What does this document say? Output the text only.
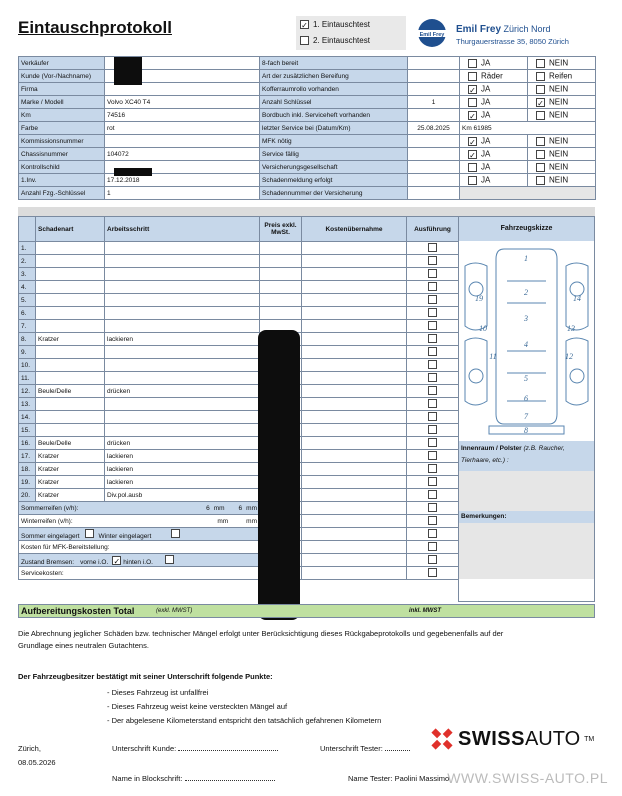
Eintauschprotokoll	✓ 1. Eintauschtest
2. Eintauschtest
Emil Frey Emil Frey Zürich Nord
Thurgauerstrasse 35, 8050 Zürich
Verkäufer		8-fach bereit		JA	NEIN
Kunde (Vor-/Nachname)		Art der zusätzlichen Bereifung		Räder	Reifen
Firma		Kofferraumrollo vorhanden		✓ JA	NEIN
Marke / Modell	Volvo XC40 T4	Anzahl Schlüssel	1	JA	✓ NEIN
Km	74516	Bordbuch inkl. Serviceheft vorhanden		✓ JA	NEIN
Farbe	rot	letzter Service bei (Datum/Km)	25.08.2025	Km 61985	
Kommissionsnummer		MFK nötig		✓ JA	NEIN
Chassisnummer	104072	Service fällig		✓ JA	NEIN
Kontrollschild		Versicherungsgesellschaft		JA	NEIN
1.Inv.	17.12.2018	Schadenmeldung erfolgt		JA	NEIN
Anzahl Fzg.-Schlüssel	1	Schadennummer der Versicherung			
	Schadenart	Arbeitsschritt	Preis exkl. MwSt.	Kostenübernahme	Ausführung
1.					
2.					
3.					
4.					
5.					
6.					
7.					
8.	Kratzer	lackieren			
9.					
10.					
11.					
12.	Beule/Delle	drücken			
13.					
14.					
15.					
16.	Beule/Delle	drücken			
17.	Kratzer	lackieren			
18.	Kratzer	lackieren			
19.	Kratzer	lackieren			
20.	Kratzer	Div.pol.ausb			
Sommerreifen (v/h): 6 mm 6 mm					

Winterreifen (v/h): mm mm					

Sommer eingelagert Winter eingelagert					
Kosten für MFK-Bereitstellung:					
Zustand Bremsen: vorne i.O. ✓ hinten i.O.					
Servicekosten:					
Fahrzeugskizze
1
2
3
4
5
6
7
8
10
11	12
13
19	14
Innenraum / Polster (z.B. Raucher, Tierhaare, etc.) :
Bemerkungen:
Aufbereitungskosten Total	(exkl. MWST)	inkl. MWST
Die Abrechnung jeglicher Schäden bzw. technischer Mängel erfolgt unter Berücksichtigung dieses Rückgabeprotokolls und gegebenenfalls auf der Grundlage eines neutralen Gutachtens.
Der Fahrzeugbesitzer bestätigt mit seiner Unterschrift folgende Punkte:
- Dieses Fahrzeug ist unfallfrei
- Dieses Fahrzeug weist keine versteckten Mängel auf
- Der abgelesene Kilometerstand entspricht den tatsächlich gefahrenen Kilometern
Zürich,
08.05.2026
Unterschrift Kunde:	Unterschrift Tester:
Name in Blockschrift:	Name Tester: Paolini Massimo
SWISS AUTO TM
WWW.SWISS-AUTO.PL
